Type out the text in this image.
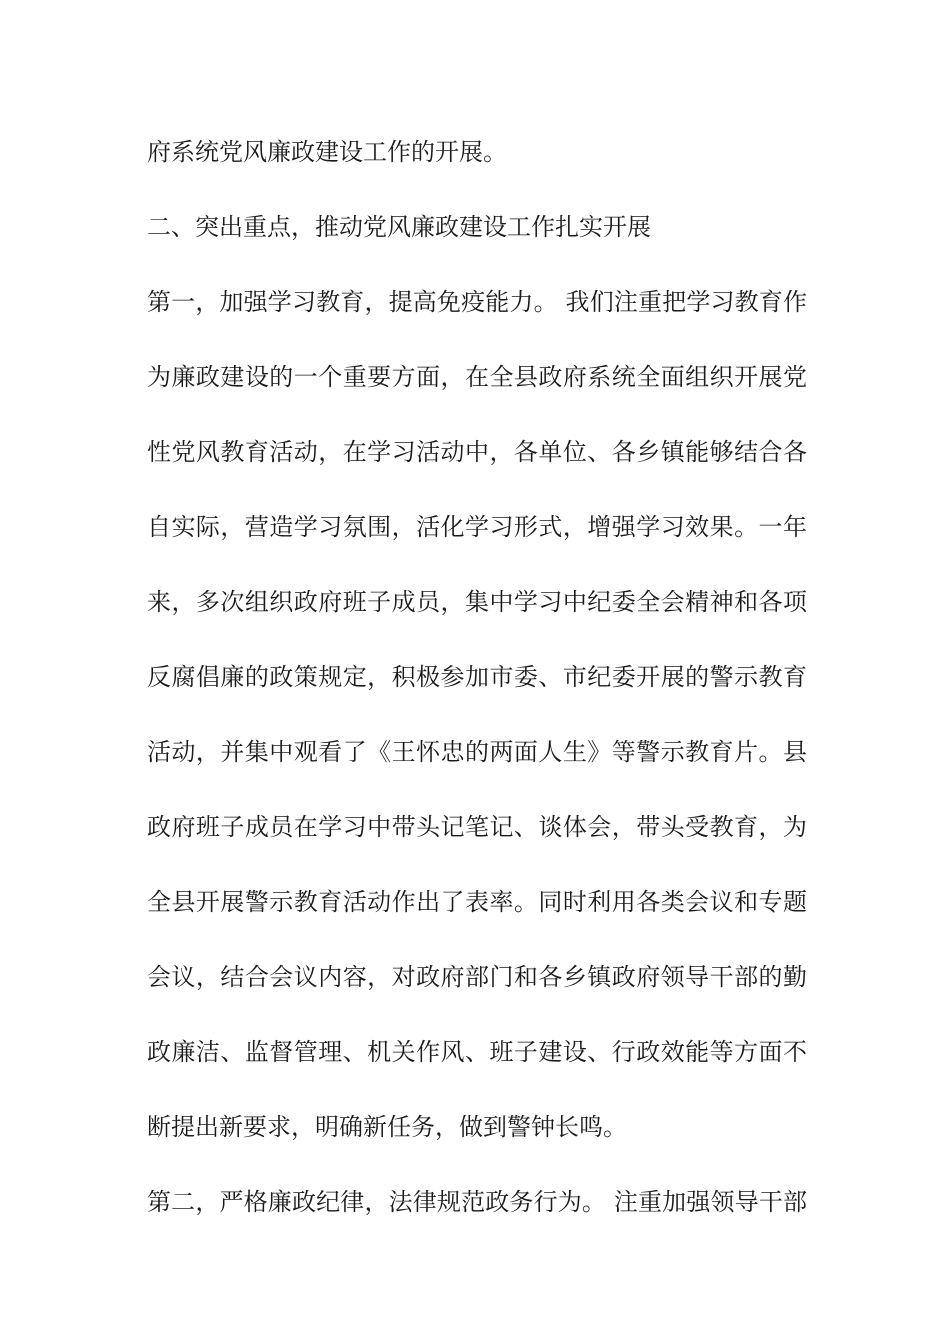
府系统党风廉政建设工作的开展。
二、突出重点，推动党风廉政建设工作扎实开展
第一，加强学习教育，提高免疫能力。 我们注重把学习教育作
为廉政建设的一个重要方面，在全县政府系统全面组织开展党
性党风教育活动，在学习活动中，各单位、各乡镇能够结合各
自实际，营造学习氛围，活化学习形式，增强学习效果。一年
来，多次组织政府班子成员，集中学习中纪委全会精神和各项
反腐倡廉的政策规定，积极参加市委、市纪委开展的警示教育
活动，并集中观看了《王怀忠的两面人生》等警示教育片。县
政府班子成员在学习中带头记笔记、谈体会，带头受教育，为
全县开展警示教育活动作出了表率。同时利用各类会议和专题
会议，结合会议内容，对政府部门和各乡镇政府领导干部的勤
政廉洁、监督管理、机关作风、班子建设、行政效能等方面不
断提出新要求，明确新任务，做到警钟长鸣。
第二，严格廉政纪律，法律规范政务行为。 注重加强领导干部
